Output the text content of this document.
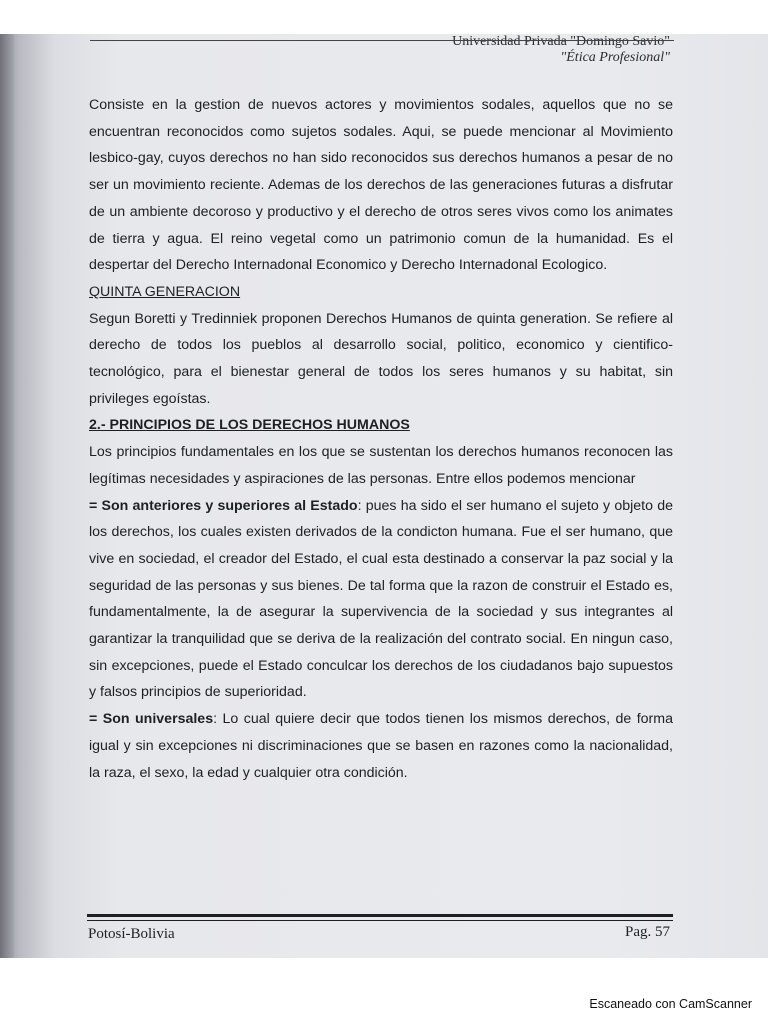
Universidad Privada "Domingo Savio"
"Ética Profesional"

Consiste en la gestion de nuevos actores y movimientos sodales, aquellos que no se encuentran reconocidos como sujetos sodales. Aqui, se puede mencionar al Movimiento lesbico-gay, cuyos derechos no han sido reconocidos sus derechos humanos a pesar de no ser un movimiento reciente. Ademas de los derechos de las generaciones futuras a disfrutar de un ambiente decoroso y productivo y el derecho de otros seres vivos como los animates de tierra y agua. El reino vegetal como un patrimonio comun de la humanidad. Es el despertar del Derecho Internadonal Economico y Derecho Internadonal Ecologico.

QUINTA GENERACION

Segun Boretti y Tredinniek proponen Derechos Humanos de quinta generation. Se refiere al derecho de todos los pueblos al desarrollo social, politico, economico y cientifico-tecnológico, para el bienestar general de todos los seres humanos y su habitat, sin privileges egoístas.

2.- PRINCIPIOS DE LOS DERECHOS HUMANOS

Los principios fundamentales en los que se sustentan los derechos humanos reconocen las legítimas necesidades y aspiraciones de las personas. Entre ellos podemos mencionar

= Son anteriores y superiores al Estado: pues ha sido el ser humano el sujeto y objeto de los derechos, los cuales existen derivados de la condicton humana. Fue el ser humano, que vive en sociedad, el creador del Estado, el cual esta destinado a conservar la paz social y la seguridad de las personas y sus bienes. De tal forma que la razon de construir el Estado es, fundamentalmente, la de asegurar la supervivencia de la sociedad y sus integrantes al garantizar la tranquilidad que se deriva de la realización del contrato social. En ningun caso, sin excepciones, puede el Estado conculcar los derechos de los ciudadanos bajo supuestos y falsos principios de superioridad.

= Son universales: Lo cual quiere decir que todos tienen los mismos derechos, de forma igual y sin excepciones ni discriminaciones que se basen en razones como la nacionalidad, la raza, el sexo, la edad y cualquier otra condición.

Potosí-Bolivia	Pag. 57
Escaneado con CamScanner
